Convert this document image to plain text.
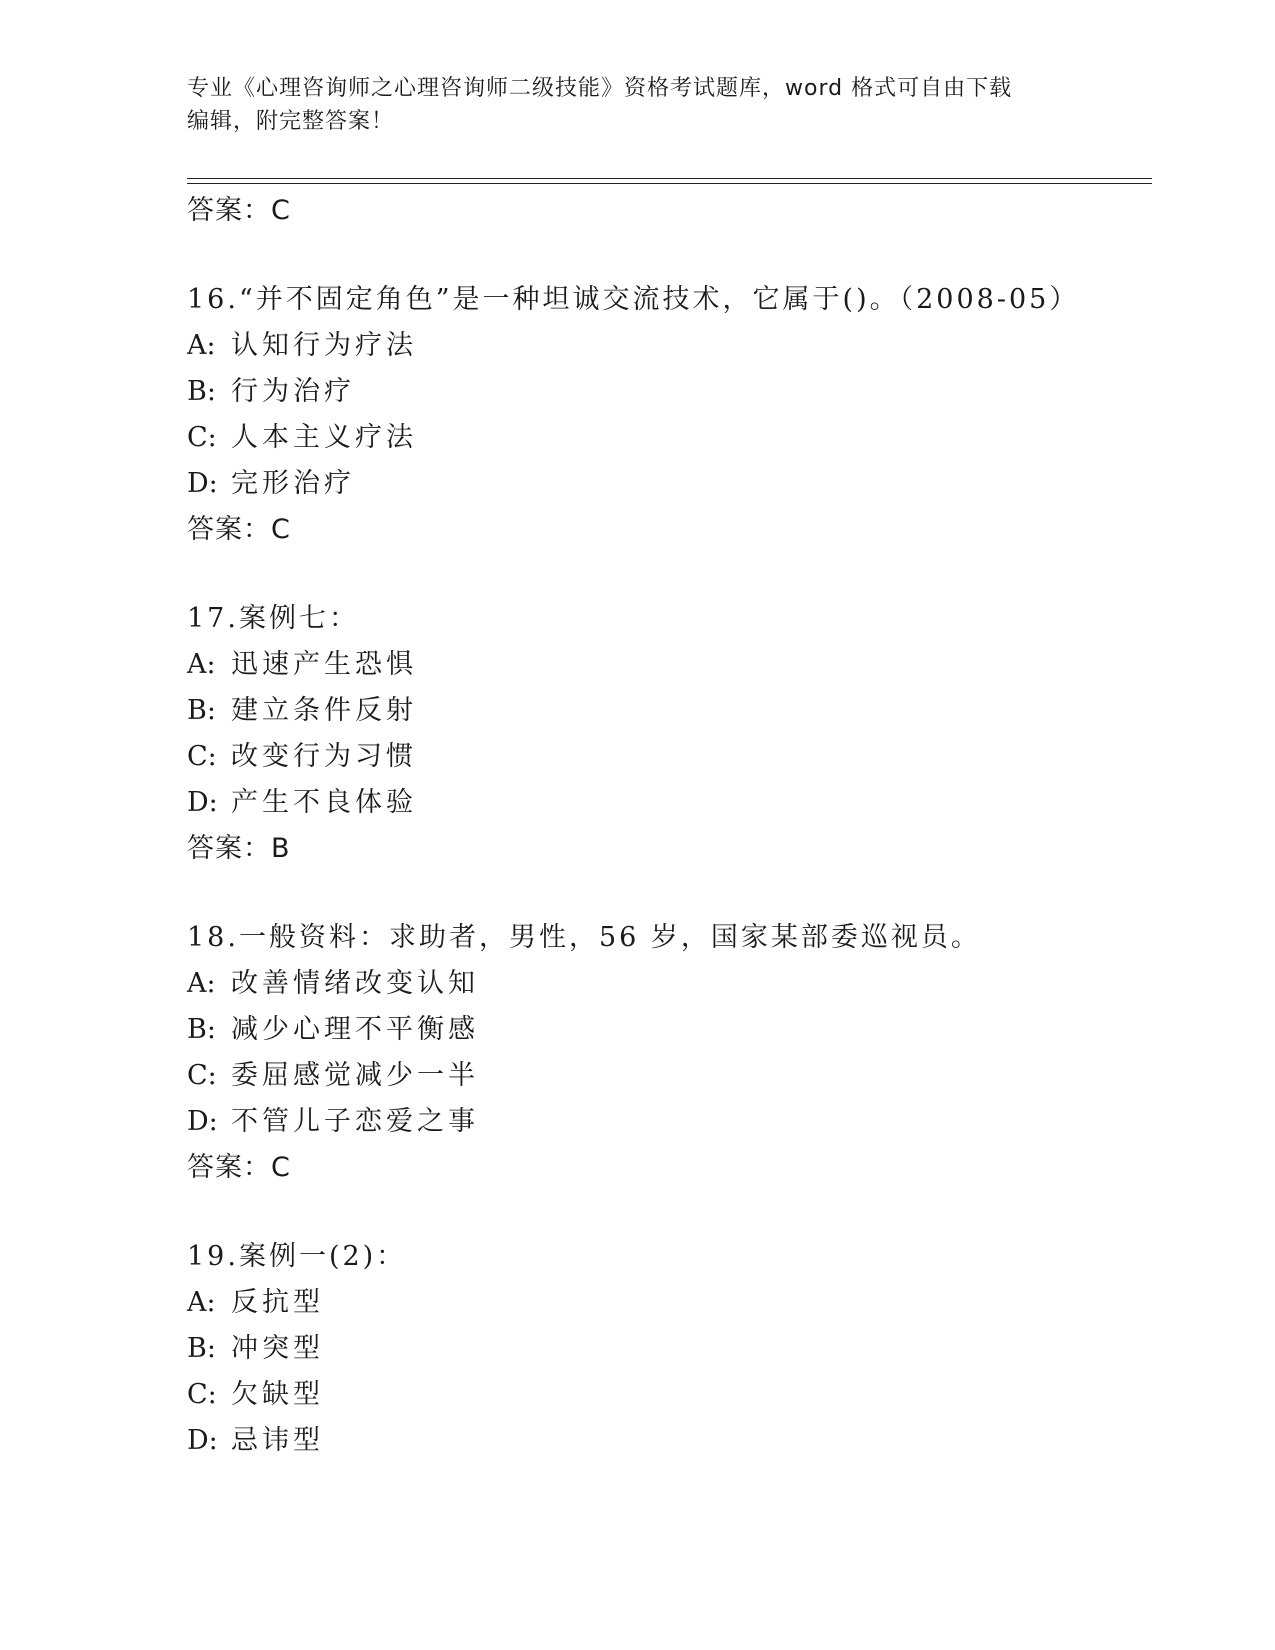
专业《心理咨询师之心理咨询师二级技能》资格考试题库，word 格式可自由下载
编辑，附完整答案！
答案：C
16.“并不固定角色”是一种坦诚交流技术，它属于()。（2008-05）
A: 认知行为疗法
B: 行为治疗
C: 人本主义疗法
D: 完形治疗
答案：C
17.案例七：
A: 迅速产生恐惧
B: 建立条件反射
C: 改变行为习惯
D: 产生不良体验
答案：B
18.一般资料：求助者，男性，56 岁，国家某部委巡视员。
A: 改善情绪改变认知
B: 减少心理不平衡感
C: 委屈感觉减少一半
D: 不管儿子恋爱之事
答案：C
19.案例一(2)：
A: 反抗型
B: 冲突型
C: 欠缺型
D: 忌讳型
